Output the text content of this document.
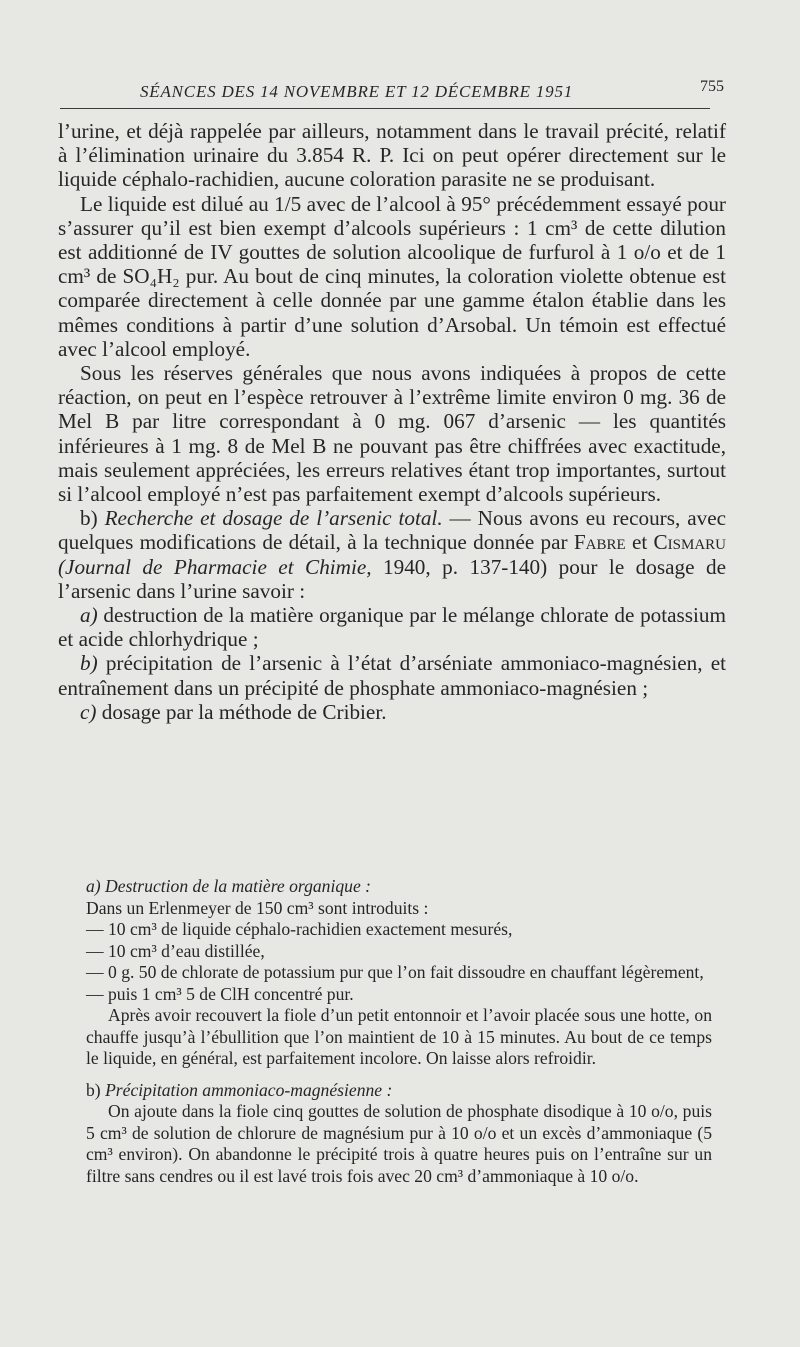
SÉANCES DES 14 NOVEMBRE ET 12 DÉCEMBRE 1951	755

l’urine, et déjà rappelée par ailleurs, notamment dans le travail précité, relatif à l’élimination urinaire du 3.854 R. P. Ici on peut opérer directement sur le liquide céphalo-rachidien, aucune coloration parasite ne se produisant.

Le liquide est dilué au 1/5 avec de l’alcool à 95° précédemment essayé pour s’assurer qu’il est bien exempt d’alcools supérieurs : 1 cm³ de cette dilution est additionné de IV gouttes de solution alcoolique de furfurol à 1 o/o et de 1 cm³ de SO₄H₂ pur. Au bout de cinq minutes, la coloration violette obtenue est comparée directement à celle donnée par une gamme étalon établie dans les mêmes conditions à partir d’une solution d’Arsobal. Un témoin est effectué avec l’alcool employé.

Sous les réserves générales que nous avons indiquées à propos de cette réaction, on peut en l’espèce retrouver à l’extrême limite environ 0 mg. 36 de Mel B par litre correspondant à 0 mg. 067 d’arsenic — les quantités inférieures à 1 mg. 8 de Mel B ne pouvant pas être chiffrées avec exactitude, mais seulement appréciées, les erreurs relatives étant trop importantes, surtout si l’alcool employé n’est pas parfaitement exempt d’alcools supérieurs.

b) Recherche et dosage de l’arsenic total. — Nous avons eu recours, avec quelques modifications de détail, à la technique donnée par Fabre et Cismaru (Journal de Pharmacie et Chimie, 1940, p. 137-140) pour le dosage de l’arsenic dans l’urine savoir :

a) destruction de la matière organique par le mélange chlorate de potassium et acide chlorhydrique ;

b) précipitation de l’arsenic à l’état d’arséniate ammoniaco-magnésien, et entraînement dans un précipité de phosphate ammoniaco-magnésien ;

c) dosage par la méthode de Cribier.

a) Destruction de la matière organique :

Dans un Erlenmeyer de 150 cm³ sont introduits :

— 10 cm³ de liquide céphalo-rachidien exactement mesurés,

— 10 cm³ d’eau distillée,

— 0 g. 50 de chlorate de potassium pur que l’on fait dissoudre en chauffant légèrement,

— puis 1 cm³ 5 de ClH concentré pur.

Après avoir recouvert la fiole d’un petit entonnoir et l’avoir placée sous une hotte, on chauffe jusqu’à l’ébullition que l’on maintient de 10 à 15 minutes. Au bout de ce temps le liquide, en général, est parfaitement incolore. On laisse alors refroidir.

b) Précipitation ammoniaco-magnésienne :

On ajoute dans la fiole cinq gouttes de solution de phosphate disodique à 10 o/o, puis 5 cm³ de solution de chlorure de magnésium pur à 10 o/o et un excès d’ammoniaque (5 cm³ environ). On abandonne le précipité trois à quatre heures puis on l’entraîne sur un filtre sans cendres ou il est lavé trois fois avec 20 cm³ d’ammoniaque à 10 o/o.
